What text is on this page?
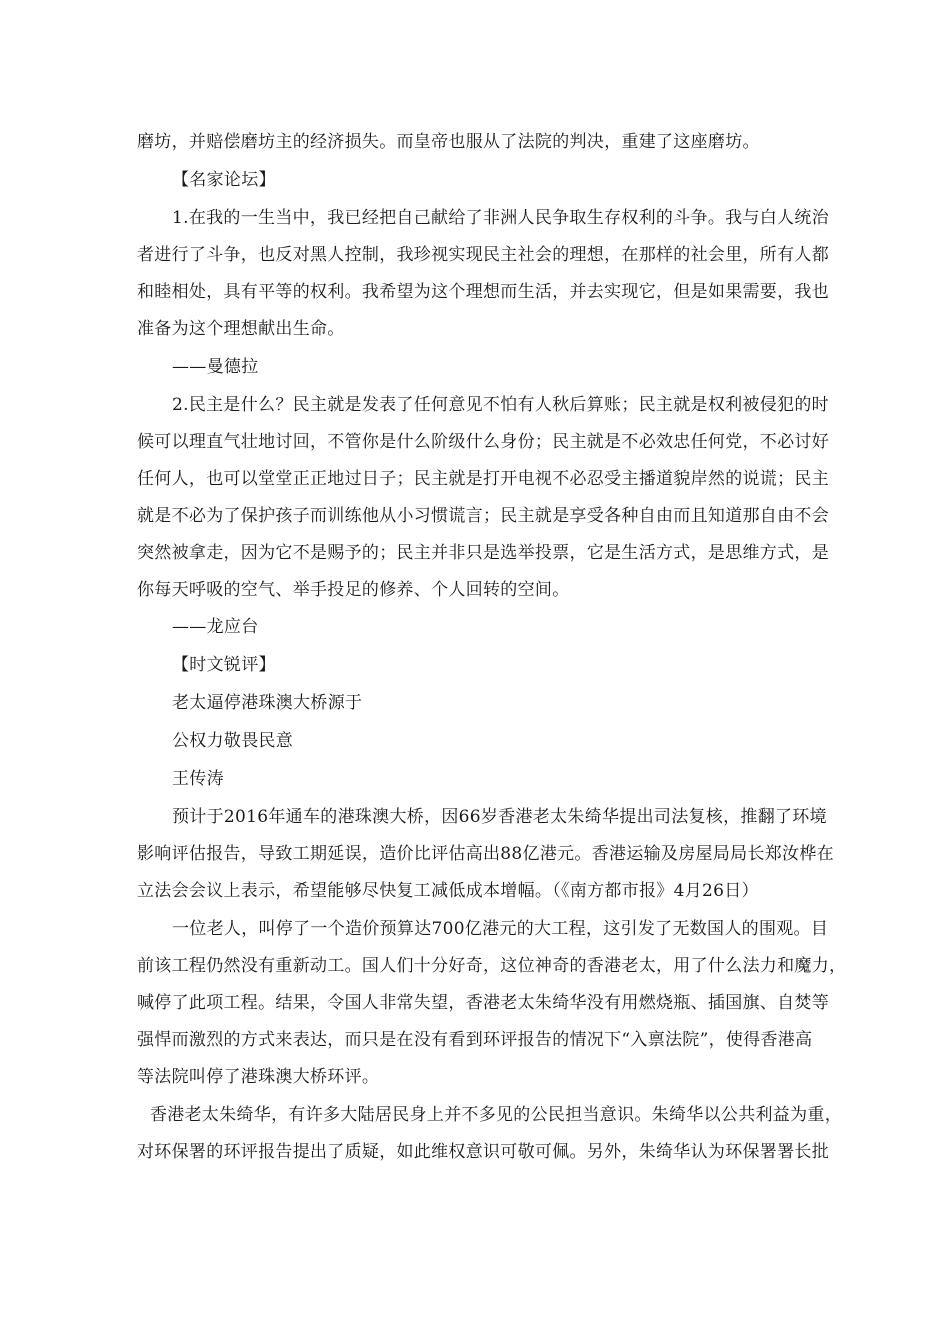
磨坊，并赔偿磨坊主的经济损失。而皇帝也服从了法院的判决，重建了这座磨坊。
【名家论坛】
1.在我的一生当中，我已经把自己献给了非洲人民争取生存权利的斗争。我与白人统治
者进行了斗争，也反对黑人控制，我珍视实现民主社会的理想，在那样的社会里，所有人都
和睦相处，具有平等的权利。我希望为这个理想而生活，并去实现它，但是如果需要，我也
准备为这个理想献出生命。
——曼德拉
2.民主是什么？民主就是发表了任何意见不怕有人秋后算账；民主就是权利被侵犯的时
候可以理直气壮地讨回，不管你是什么阶级什么身份；民主就是不必效忠任何党，不必讨好
任何人，也可以堂堂正正地过日子；民主就是打开电视不必忍受主播道貌岸然的说谎；民主
就是不必为了保护孩子而训练他从小习惯谎言；民主就是享受各种自由而且知道那自由不会
突然被拿走，因为它不是赐予的；民主并非只是选举投票，它是生活方式，是思维方式，是
你每天呼吸的空气、举手投足的修养、个人回转的空间。
——龙应台
【时文锐评】
老太逼停港珠澳大桥源于
公权力敬畏民意
王传涛
预计于2016年通车的港珠澳大桥，因66岁香港老太朱绮华提出司法复核，推翻了环境
影响评估报告，导致工期延误，造价比评估高出88亿港元。香港运输及房屋局局长郑汝桦在
立法会会议上表示，希望能够尽快复工减低成本增幅。（《南方都市报》4月26日）
一位老人，叫停了一个造价预算达700亿港元的大工程，这引发了无数国人的围观。目
前该工程仍然没有重新动工。国人们十分好奇，这位神奇的香港老太，用了什么法力和魔力，
喊停了此项工程。结果，令国人非常失望，香港老太朱绮华没有用燃烧瓶、插国旗、自焚等
强悍而激烈的方式来表达，而只是在没有看到环评报告的情况下“入禀法院”，使得香港高
等法院叫停了港珠澳大桥环评。
香港老太朱绮华，有许多大陆居民身上并不多见的公民担当意识。朱绮华以公共利益为重，
对环保署的环评报告提出了质疑，如此维权意识可敬可佩。另外，朱绮华认为环保署署长批
